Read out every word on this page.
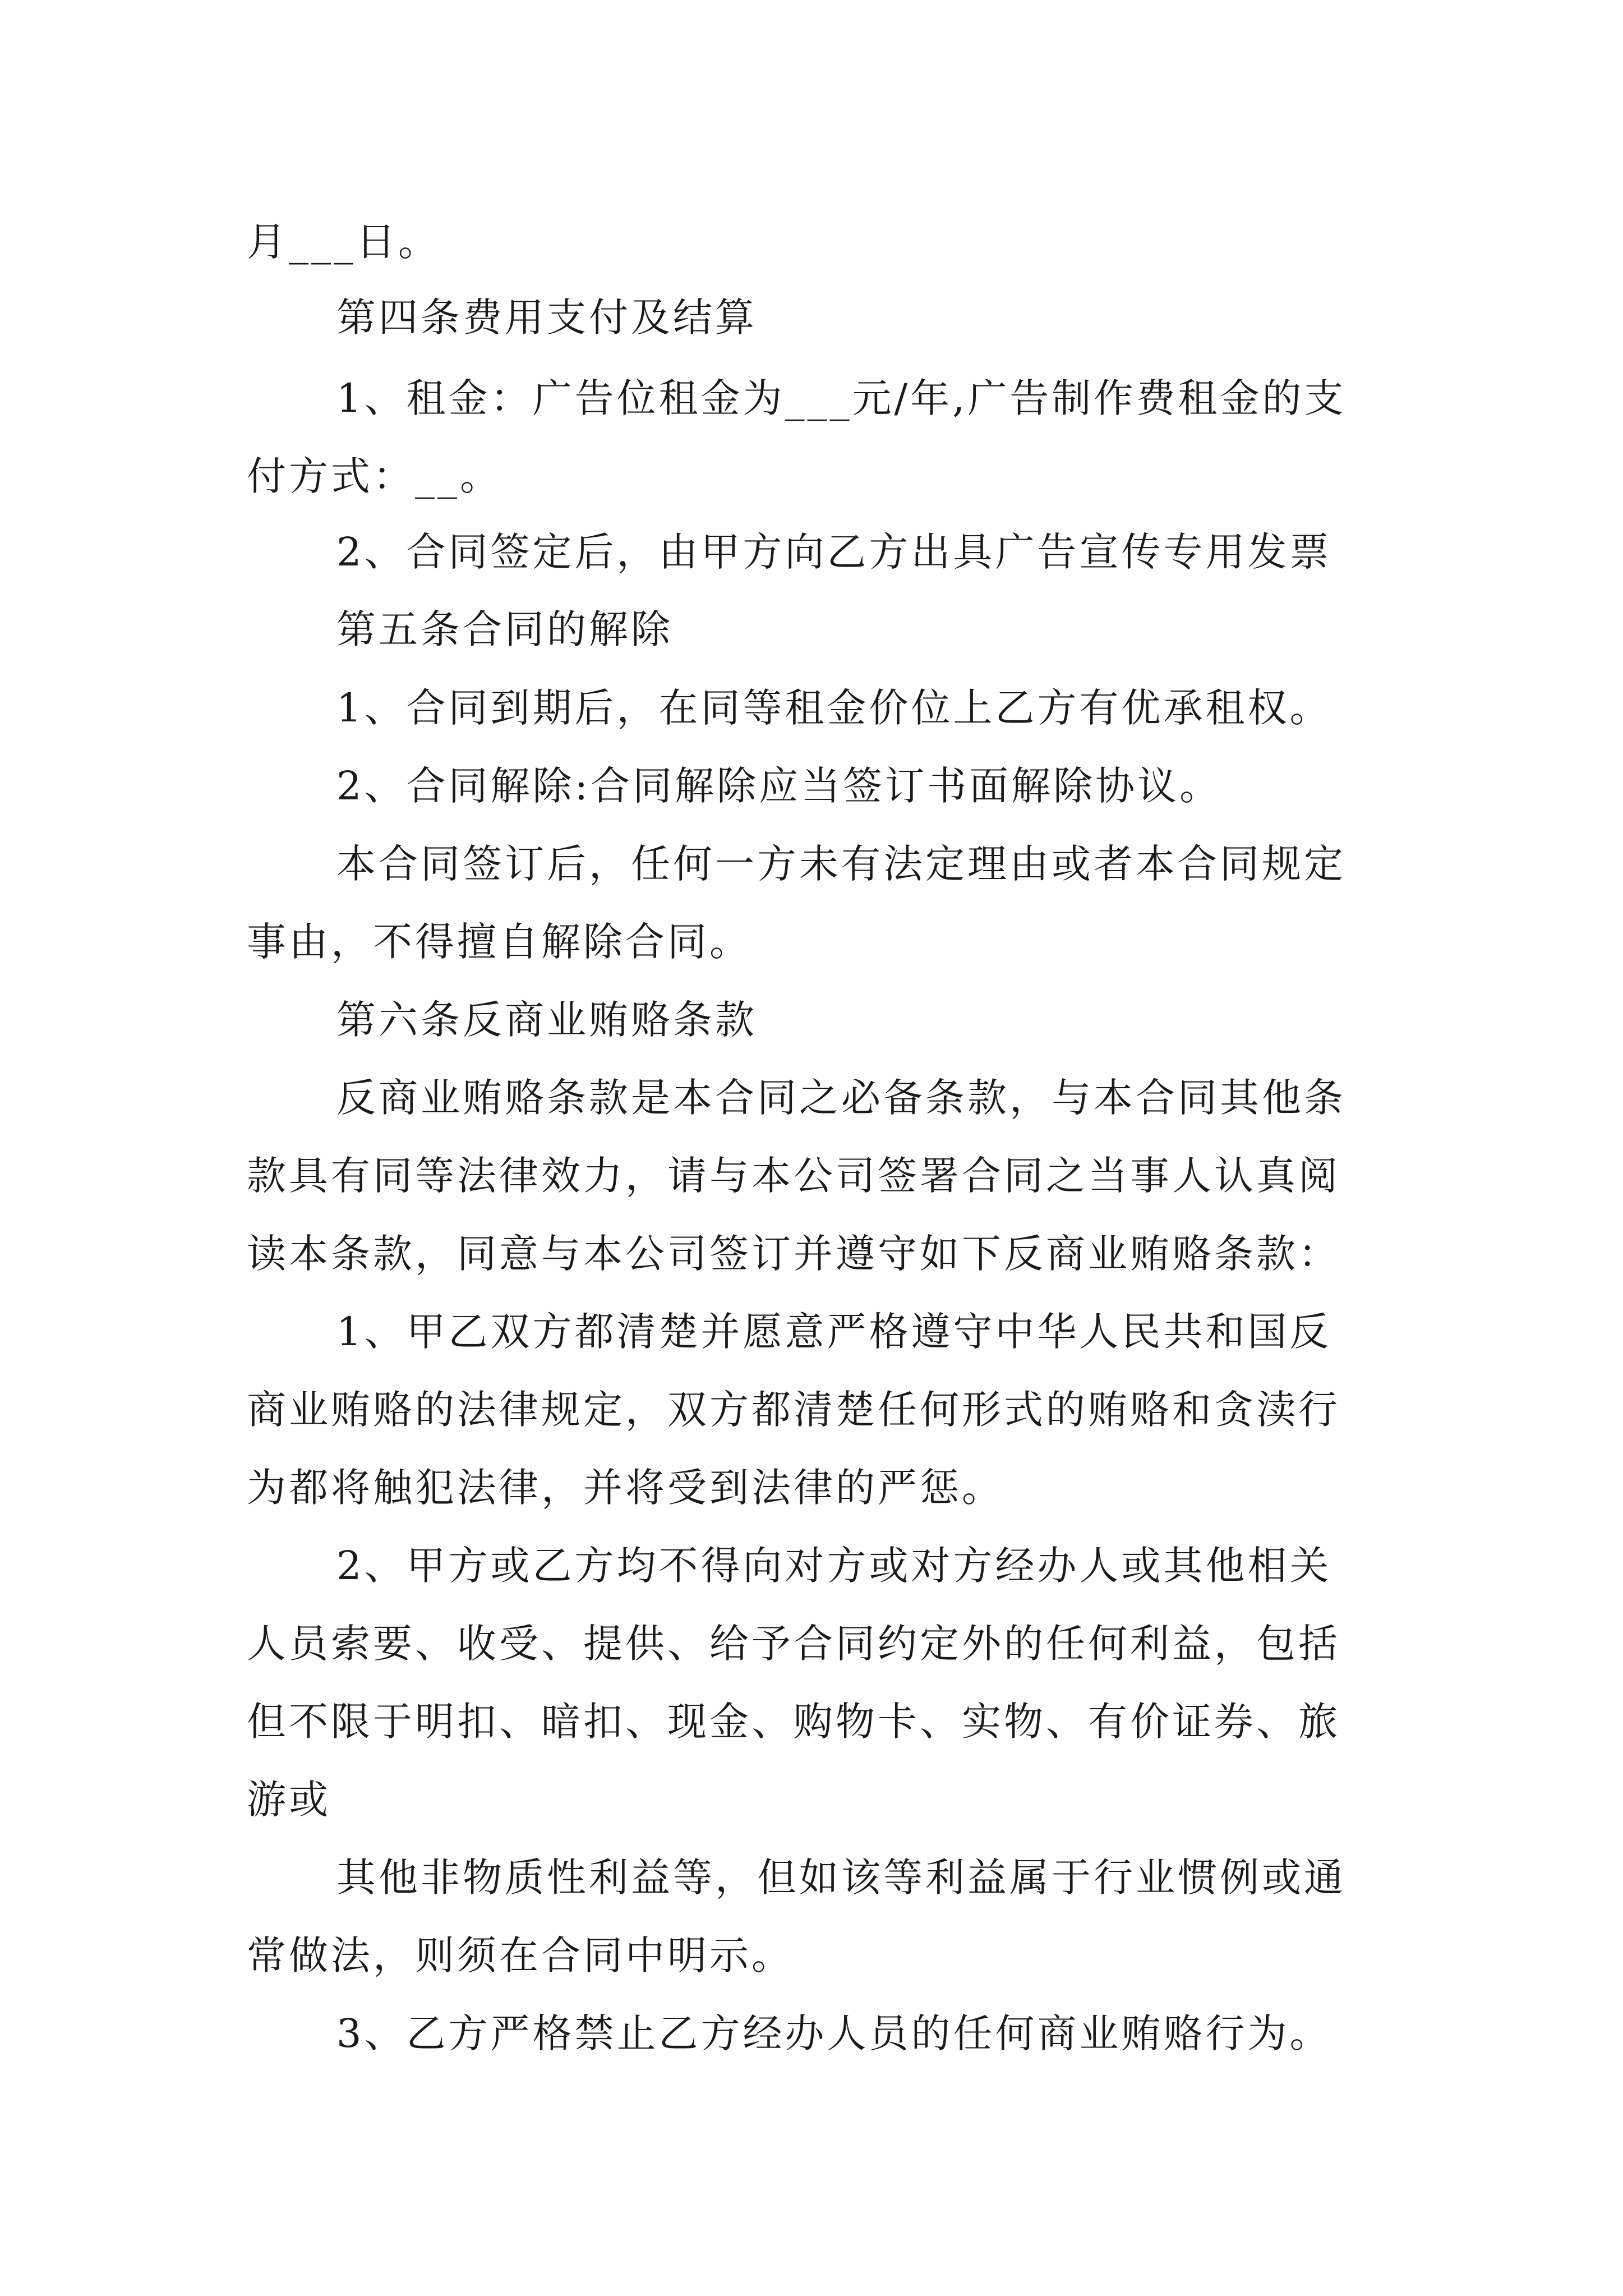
月___日。
第四条费用支付及结算
1、租金：广告位租金为___元/年,广告制作费租金的支
付方式：__。
2、合同签定后，由甲方向乙方出具广告宣传专用发票
第五条合同的解除
1、合同到期后，在同等租金价位上乙方有优承租权。
2、合同解除:合同解除应当签订书面解除协议。
本合同签订后，任何一方未有法定理由或者本合同规定
事由，不得擅自解除合同。
第六条反商业贿赂条款
反商业贿赂条款是本合同之必备条款，与本合同其他条
款具有同等法律效力，请与本公司签署合同之当事人认真阅
读本条款，同意与本公司签订并遵守如下反商业贿赂条款：
1、甲乙双方都清楚并愿意严格遵守中华人民共和国反
商业贿赂的法律规定，双方都清楚任何形式的贿赂和贪渎行
为都将触犯法律，并将受到法律的严惩。
2、甲方或乙方均不得向对方或对方经办人或其他相关
人员索要、收受、提供、给予合同约定外的任何利益，包括
但不限于明扣、暗扣、现金、购物卡、实物、有价证券、旅
游或
其他非物质性利益等，但如该等利益属于行业惯例或通
常做法，则须在合同中明示。
3、乙方严格禁止乙方经办人员的任何商业贿赂行为。
